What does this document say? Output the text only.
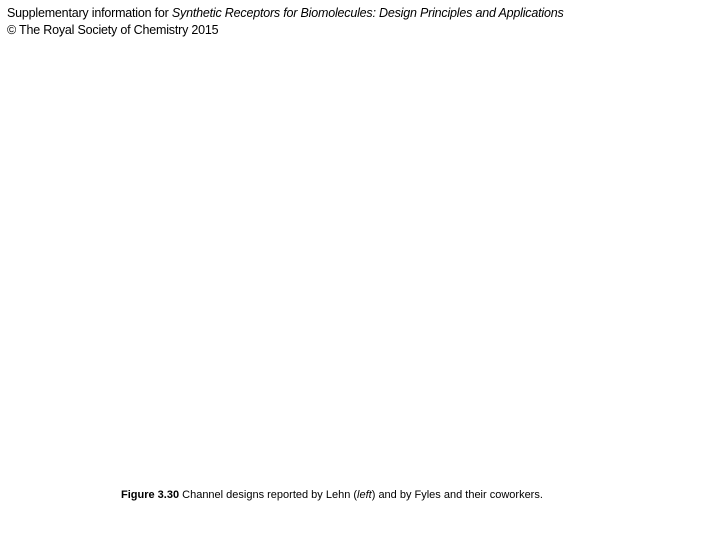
Supplementary information for Synthetic Receptors for Biomolecules: Design Principles and Applications
© The Royal Society of Chemistry 2015
Figure 3.30 Channel designs reported by Lehn (left) and by Fyles and their coworkers.
